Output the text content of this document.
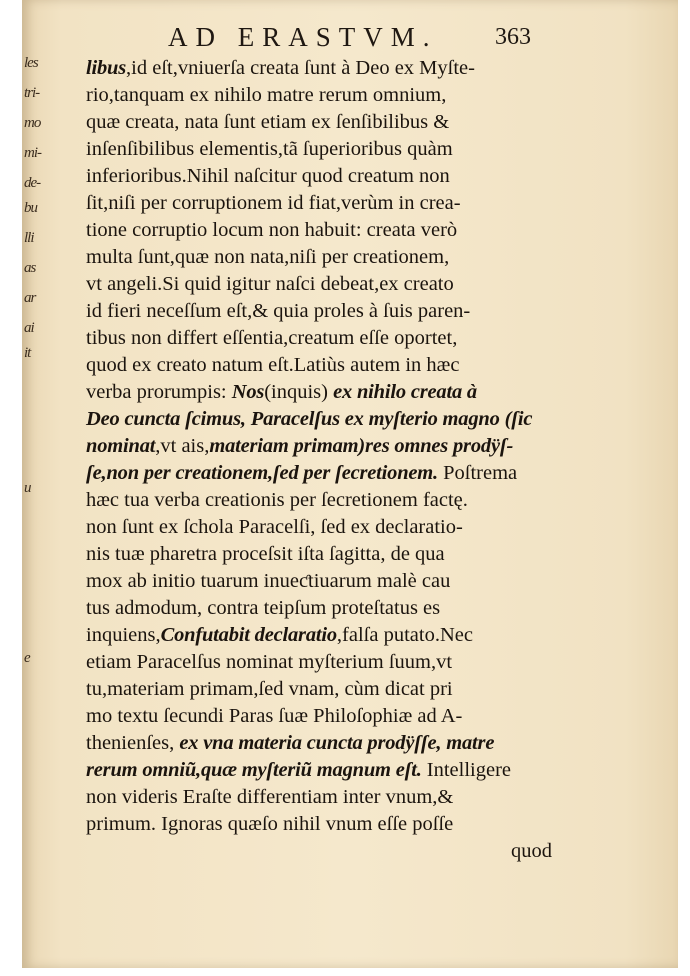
AD ERASTVM. 363
libus,id eſt,vniuerſa creata ſunt à Deo ex Myſte-
rio,tanquam ex nihilo matre rerum omnium,
quæ creata, nata ſunt etiam ex ſenſibilibus &
inſenſibilibus elementis,tã ſuperioribus quàm
inferioribus.Nihil naſcitur quod creatum non
ſit,niſi per corruptionem id fiat,verùm in crea-
tione corruptio locum non habuit: creata verò
multa ſunt,quæ non nata,niſi per creationem,
vt angeli.Si quid igitur naſci debeat,ex creato
id fieri neceſſum eſt,& quia proles à ſuis paren-
tibus non differt eſſentia,creatum eſſe oportet,
quod ex creato natum eſt.Latiùs autem in hæc
verba prorumpis: Nos(inquis) ex nihilo creata à
Deo cuncta ſcimus, Paracelſus ex myſterio magno (ſic
nominat,vt ais,materiam primam)res omnes prodÿſ-
ſe,non per creationem,ſed per ſecretionem. Poſtrema
hæc tua verba creationis per ſecretionem factę.
non ſunt ex ſchola Paracelſi, ſed ex declaratio-
nis tuæ pharetra proceſsit iſta ſagitta, de qua
mox ab initio tuarum inueƈtiuarum malè cau
tus admodum, contra teipſum proteſtatus es
inquiens,Confutabit declaratio,falſa putato.Nec
etiam Paracelſus nominat myſterium ſuum,vt
tu,materiam primam,ſed vnam, cùm dicat pri
mo textu ſecundi Paras ſuæ Philoſophiæ ad A-
thenienſes, ex vna materia cuncta prodÿſſe, matre
rerum omniũ,quæ myſteriũ magnum eſt. Intelligere
non videris Eraſte differentiam inter vnum,&
primum. Ignoras quæſo nihil vnum eſſe poſſe
quod
les
tri-
mo
mi-
de-
bu
lli
as
ar
ai
it
u
e
